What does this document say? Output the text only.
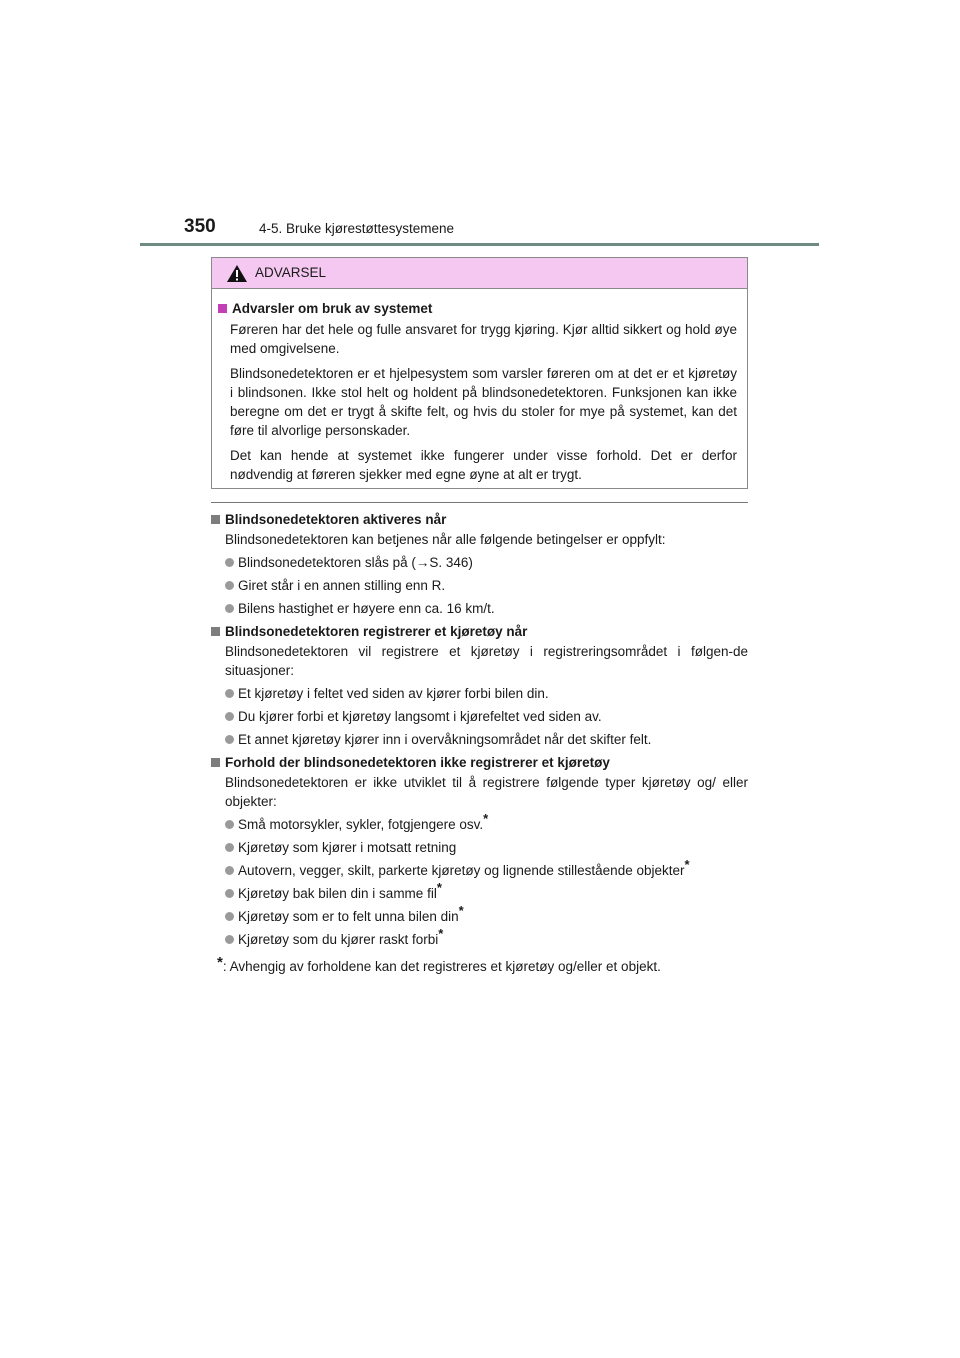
350	4-5. Bruke kjørestøttesystemene
ADVARSEL
Advarsler om bruk av systemet

Føreren har det hele og fulle ansvaret for trygg kjøring. Kjør alltid sikkert og hold øye med omgivelsene.

Blindsonedetektoren er et hjelpesystem som varsler føreren om at det er et kjøretøy i blindsonen. Ikke stol helt og holdent på blindsonedetektoren. Funksjonen kan ikke beregne om det er trygt å skifte felt, og hvis du stoler for mye på systemet, kan det føre til alvorlige personskader.

Det kan hende at systemet ikke fungerer under visse forhold. Det er derfor nødvendig at føreren sjekker med egne øyne at alt er trygt.

Blindsonedetektoren aktiveres når
Blindsonedetektoren kan betjenes når alle følgende betingelser er oppfylt:
Blindsonedetektoren slås på (→S. 346)
Giret står i en annen stilling enn R.
Bilens hastighet er høyere enn ca. 16 km/t.
Blindsonedetektoren registrerer et kjøretøy når
Blindsonedetektoren vil registrere et kjøretøy i registreringsområdet i følgen-de situasjoner:
Et kjøretøy i feltet ved siden av kjører forbi bilen din.
Du kjører forbi et kjøretøy langsomt i kjørefeltet ved siden av.
Et annet kjøretøy kjører inn i overvåkningsområdet når det skifter felt.
Forhold der blindsonedetektoren ikke registrerer et kjøretøy
Blindsonedetektoren er ikke utviklet til å registrere følgende typer kjøretøy og/ eller objekter:
Små motorsykler, sykler, fotgjengere osv.*
Kjøretøy som kjører i motsatt retning
Autovern, vegger, skilt, parkerte kjøretøy og lignende stillestående objekter*
Kjøretøy bak bilen din i samme fil*
Kjøretøy som er to felt unna bilen din*
Kjøretøy som du kjører raskt forbi*
*: Avhengig av forholdene kan det registreres et kjøretøy og/eller et objekt.
